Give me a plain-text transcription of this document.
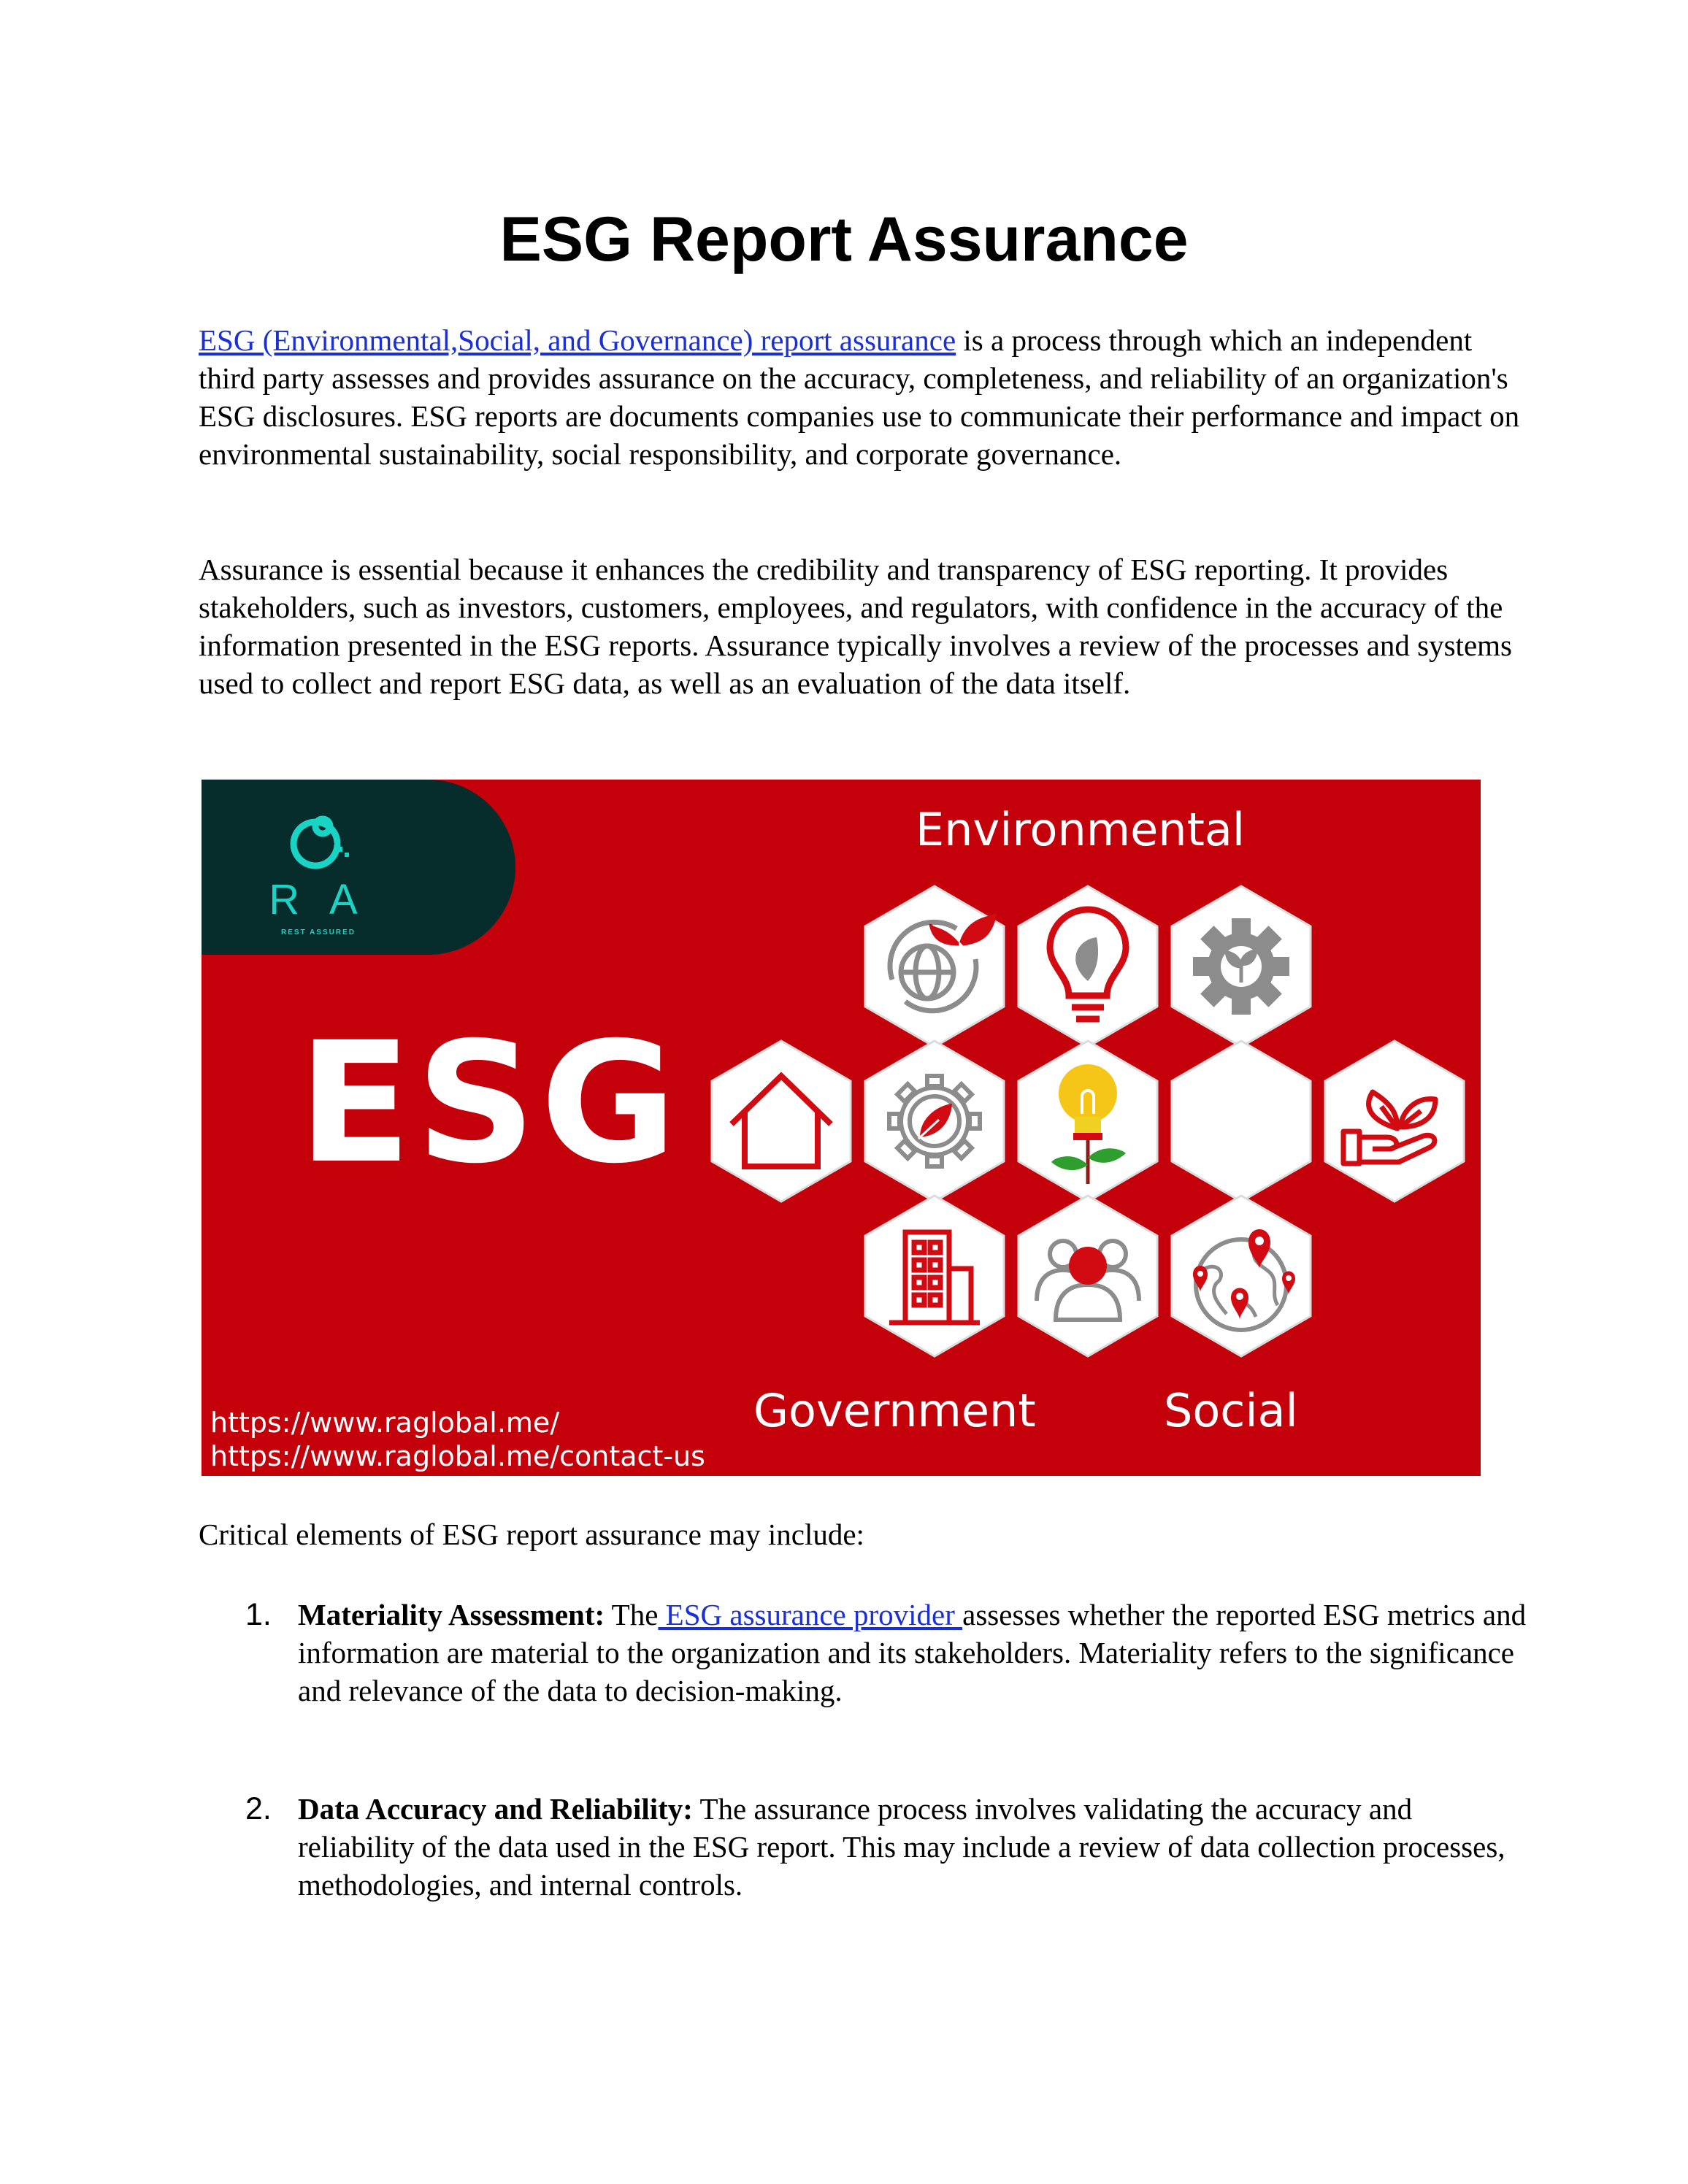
ESG Report Assurance

ESG (Environmental,Social, and Governance) report assurance is a process through which an independent third party assesses and provides assurance on the accuracy, completeness, and reliability of an organization's ESG disclosures. ESG reports are documents companies use to communicate their performance and impact on environmental sustainability, social responsibility, and corporate governance.

Assurance is essential because it enhances the credibility and transparency of ESG reporting. It provides stakeholders, such as investors, customers, employees, and regulators, with confidence in the accuracy of the information presented in the ESG reports. Assurance typically involves a review of the processes and systems used to collect and report ESG data, as well as an evaluation of the data itself.

R A
REST ASSURED
ESG
Environmental
Government	Social
https://www.raglobal.me/
https://www.raglobal.me/contact-us

Critical elements of ESG report assurance may include:

1. Materiality Assessment: The ESG assurance provider assesses whether the reported ESG metrics and information are material to the organization and its stakeholders. Materiality refers to the significance and relevance of the data to decision-making.

2. Data Accuracy and Reliability: The assurance process involves validating the accuracy and reliability of the data used in the ESG report. This may include a review of data collection processes, methodologies, and internal controls.
